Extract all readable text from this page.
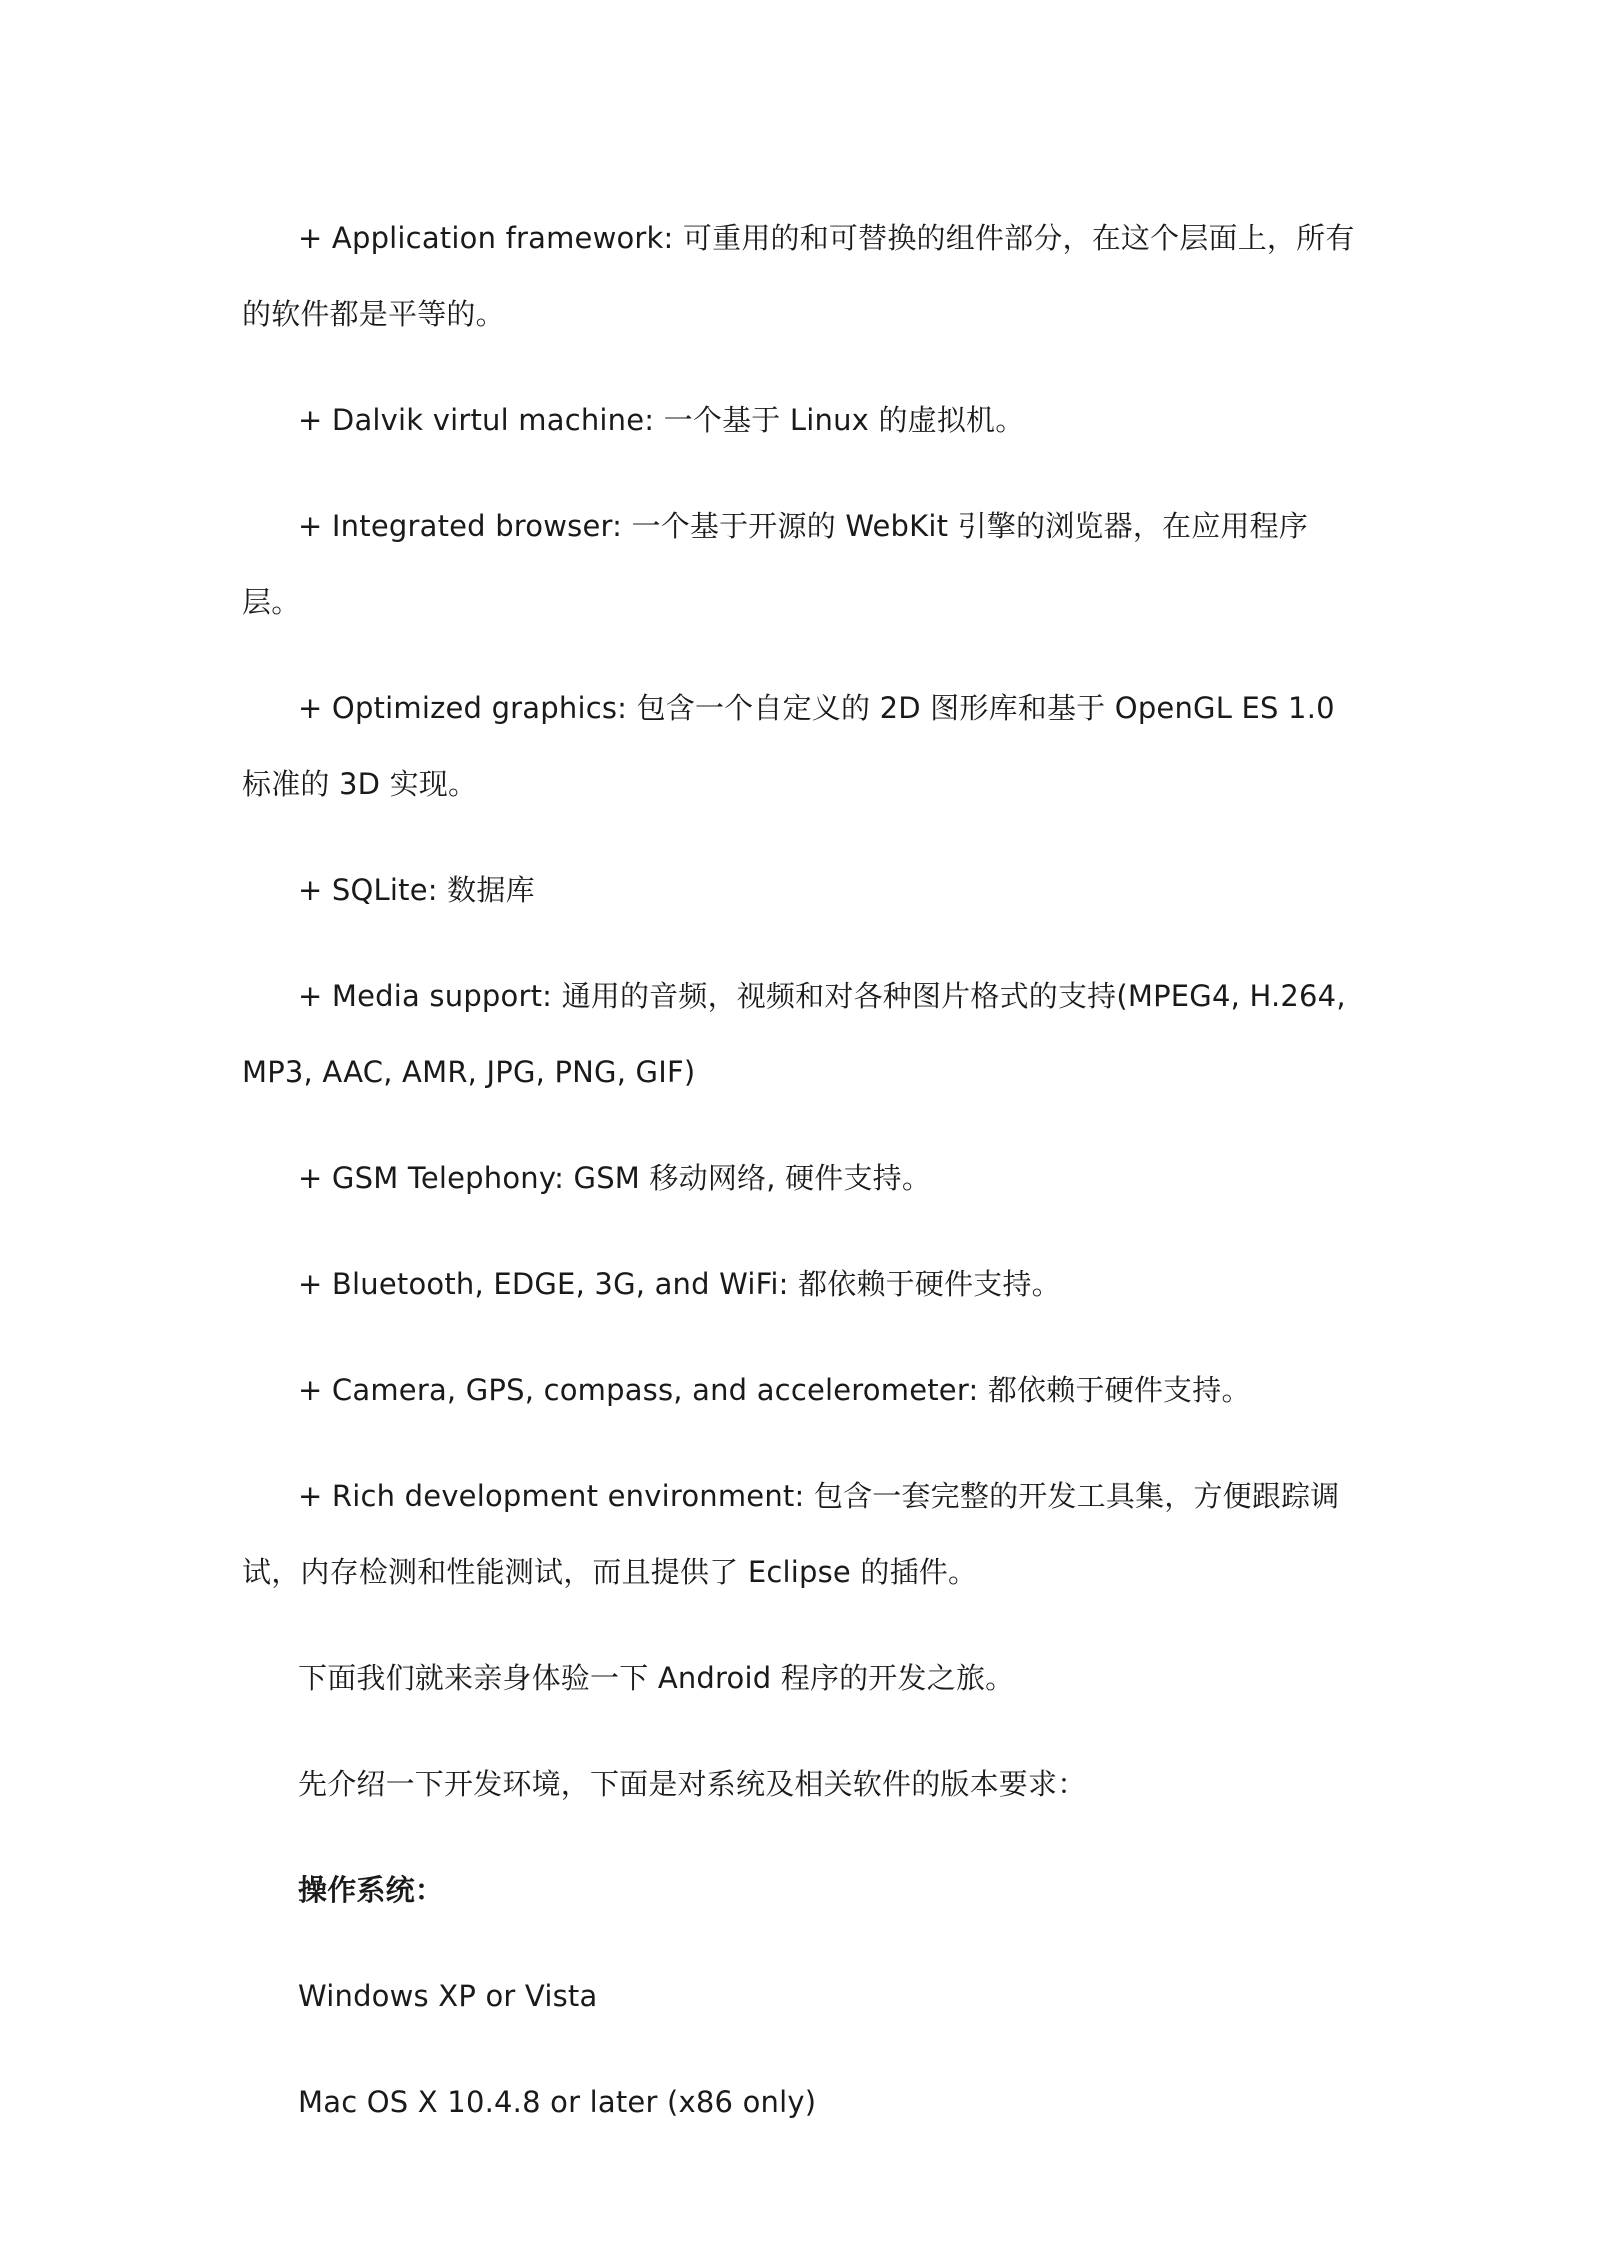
+ Application framework: 可重用的和可替换的组件部分，在这个层面上，所有的软件都是平等的。

+ Dalvik virtul machine: 一个基于 Linux 的虚拟机。

+ Integrated browser: 一个基于开源的 WebKit 引擎的浏览器，在应用程序层。

+ Optimized graphics: 包含一个自定义的 2D 图形库和基于 OpenGL ES 1.0 标准的 3D 实现。

+ SQLite: 数据库

+ Media support: 通用的音频，视频和对各种图片格式的支持(MPEG4, H.264, MP3, AAC, AMR, JPG, PNG, GIF)

+ GSM Telephony: GSM 移动网络, 硬件支持。

+ Bluetooth, EDGE, 3G, and WiFi: 都依赖于硬件支持。

+ Camera, GPS, compass, and accelerometer: 都依赖于硬件支持。

+ Rich development environment: 包含一套完整的开发工具集，方便跟踪调试，内存检测和性能测试，而且提供了 Eclipse 的插件。

下面我们就来亲身体验一下 Android 程序的开发之旅。

先介绍一下开发环境，下面是对系统及相关软件的版本要求：

操作系统：

Windows XP or Vista

Mac OS X 10.4.8 or later (x86 only)
